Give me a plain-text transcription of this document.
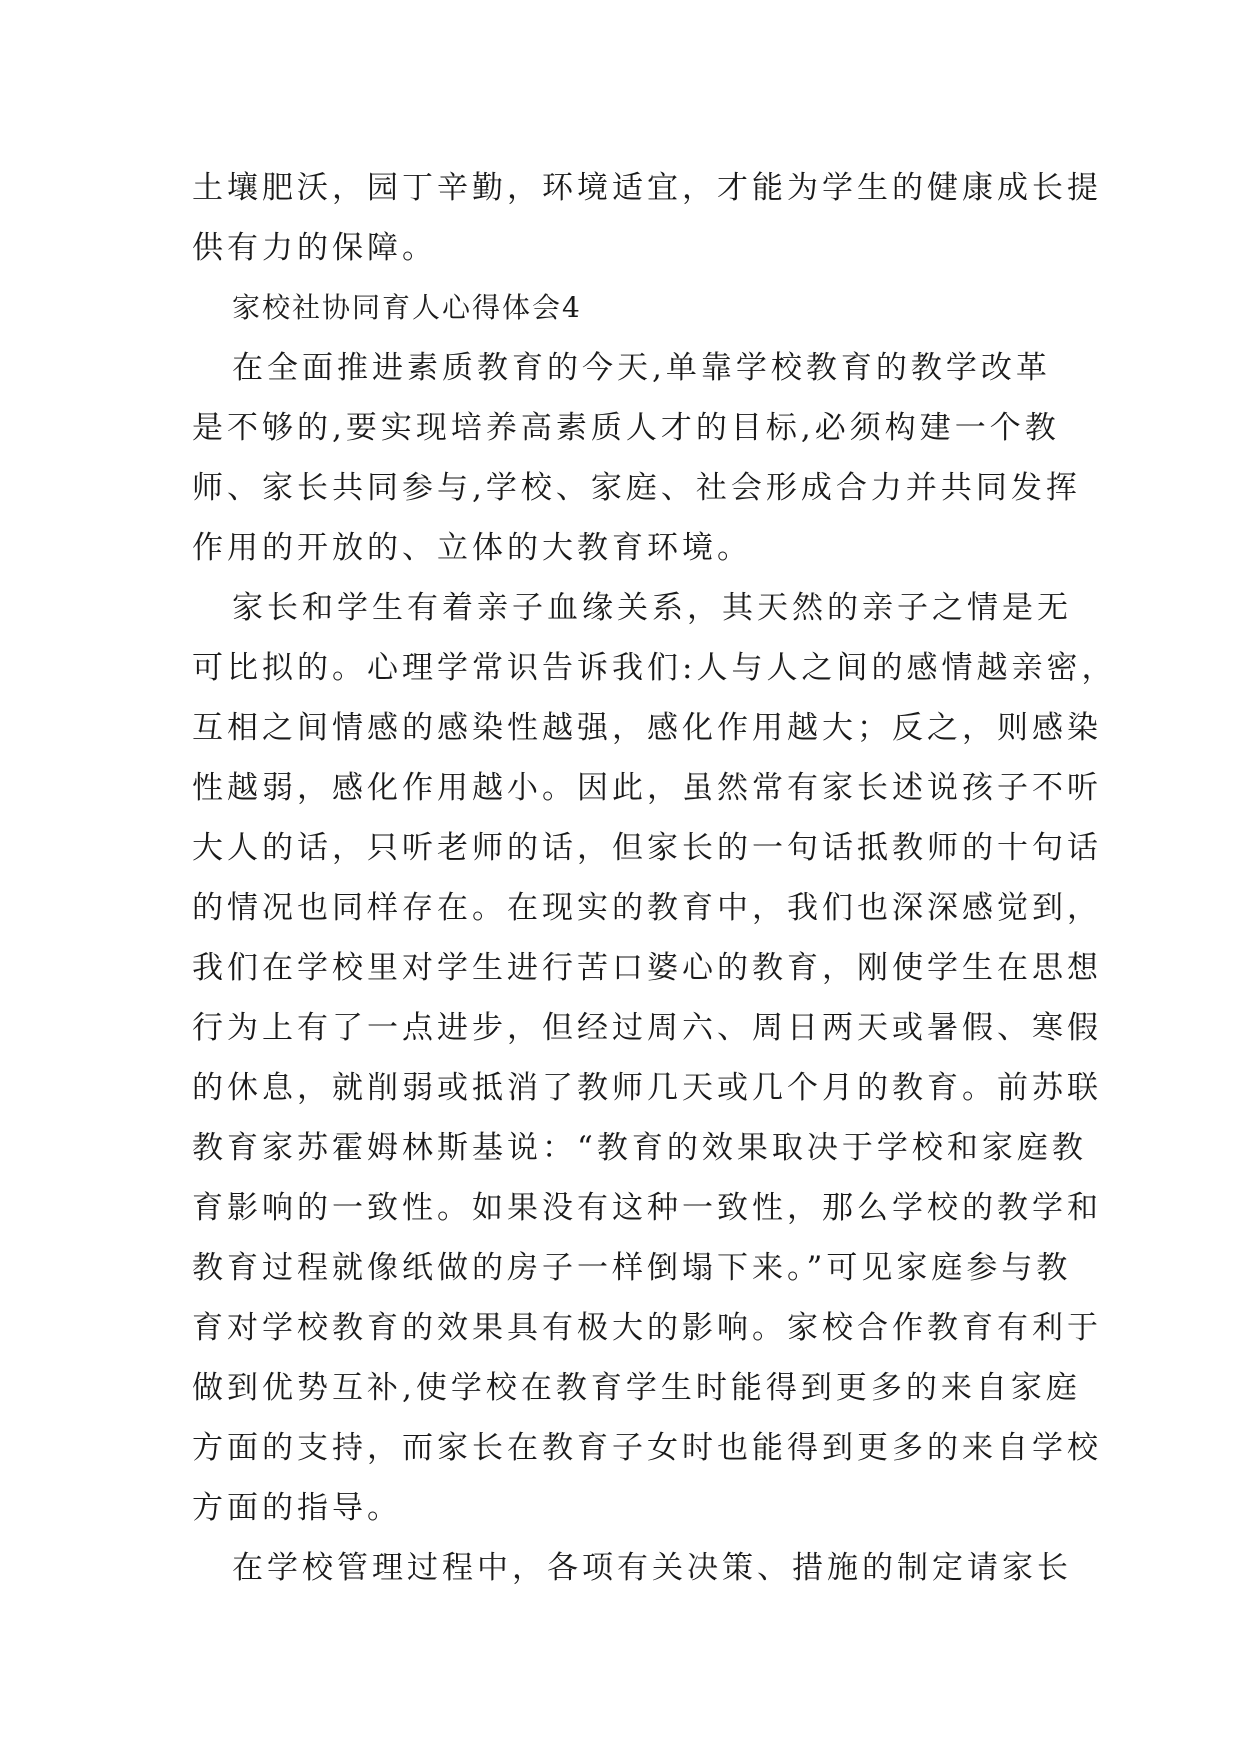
土壤肥沃，园丁辛勤，环境适宜，才能为学生的健康成长提
供有力的保障。
家校社协同育人心得体会4
在全面推进素质教育的今天,单靠学校教育的教学改革
是不够的,要实现培养高素质人才的目标,必须构建一个教
师、家长共同参与,学校、家庭、社会形成合力并共同发挥
作用的开放的、立体的大教育环境。
家长和学生有着亲子血缘关系，其天然的亲子之情是无
可比拟的。心理学常识告诉我们:人与人之间的感情越亲密，
互相之间情感的感染性越强，感化作用越大；反之，则感染
性越弱，感化作用越小。因此，虽然常有家长述说孩子不听
大人的话，只听老师的话，但家长的一句话抵教师的十句话
的情况也同样存在。在现实的教育中，我们也深深感觉到，
我们在学校里对学生进行苦口婆心的教育，刚使学生在思想
行为上有了一点进步，但经过周六、周日两天或暑假、寒假
的休息，就削弱或抵消了教师几天或几个月的教育。前苏联
教育家苏霍姆林斯基说：“教育的效果取决于学校和家庭教
育影响的一致性。如果没有这种一致性，那么学校的教学和
教育过程就像纸做的房子一样倒塌下来。”可见家庭参与教
育对学校教育的效果具有极大的影响。家校合作教育有利于
做到优势互补,使学校在教育学生时能得到更多的来自家庭
方面的支持，而家长在教育子女时也能得到更多的来自学校
方面的指导。
在学校管理过程中，各项有关决策、措施的制定请家长
